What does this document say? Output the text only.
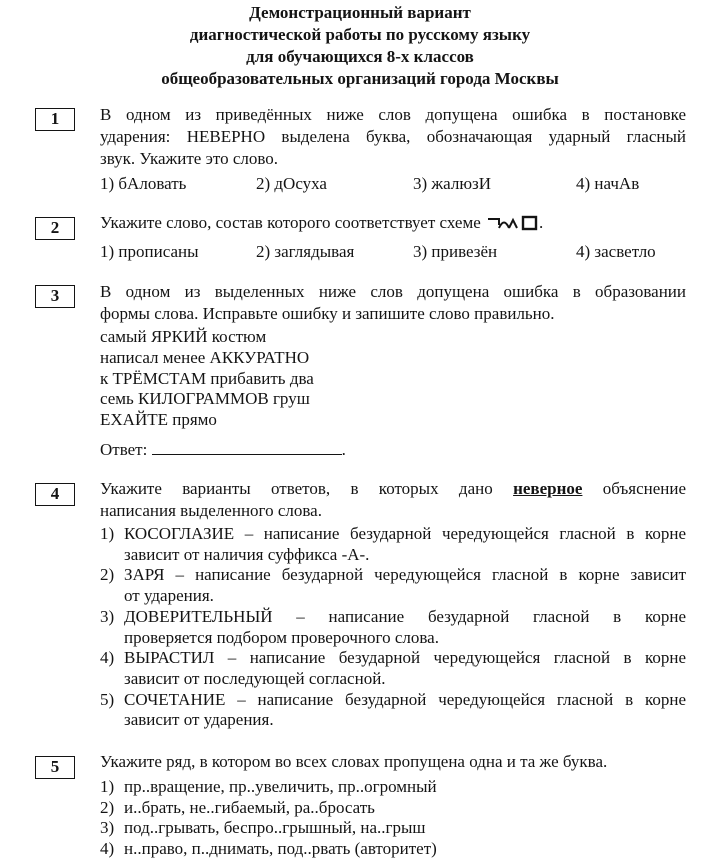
Демонстрационный вариант
диагностической работы по русскому языку
для обучающихся 8-х классов
общеобразовательных организаций города Москвы
1	В одном из приведённых ниже слов допущена ошибка в постановке
ударения: НЕВЕРНО выделена буква, обозначающая ударный гласный
звук. Укажите это слово.
1) бАловать	2) дОсуха	3) жалюзИ	4) начАв
2	Укажите слово, состав которого соответствует схеме	.
1) прописаны	2) заглядывая	3) привезён	4) засветло
3	В одном из выделенных ниже слов допущена ошибка в образовании
формы слова. Исправьте ошибку и запишите слово правильно.
самый ЯРКИЙ костюм
написал менее АККУРАТНО
к ТРЁМСТАМ прибавить два
семь КИЛОГРАММОВ груш
ЕХАЙТЕ прямо
Ответ:	.
4	Укажите варианты ответов, в которых дано неверное объяснение
написания выделенного слова.
1) КОСОГЛАЗИЕ – написание безударной чередующейся гласной в корне
зависит от наличия суффикса -А-.
2) ЗАРЯ – написание безударной чередующейся гласной в корне зависит
от ударения.
3) ДОВЕРИТЕЛЬНЫЙ – написание безударной гласной в корне
проверяется подбором проверочного слова.
4) ВЫРАСТИЛ – написание безударной чередующейся гласной в корне
зависит от последующей согласной.
5) СОЧЕТАНИЕ – написание безударной чередующейся гласной в корне
зависит от ударения.
5	Укажите ряд, в котором во всех словах пропущена одна и та же буква.
1) пр..вращение, пр..увеличить, пр..огромный
2) и..брать, не..гибаемый, ра..бросать
3) под..грывать, беспро..грышный, на..грыш
4) н..право, п..днимать, под..рвать (авторитет)
